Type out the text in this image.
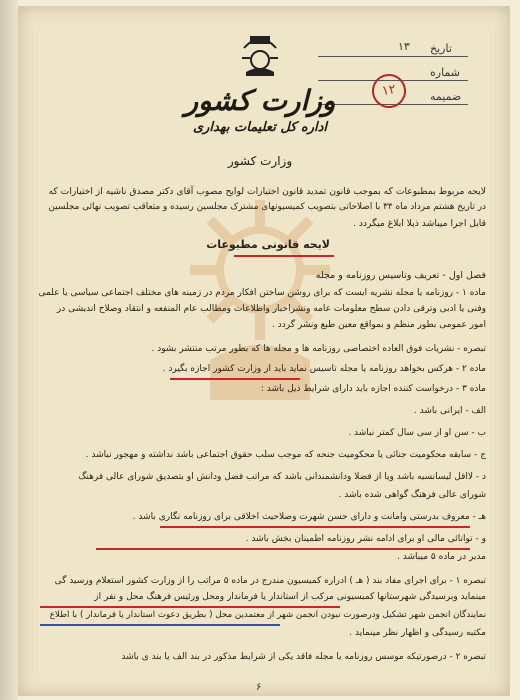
تاریخ
۱۳
شماره
ضمیمه
۱۲
وزارت کشور
اداره کل تعلیمات بهداری
وزارت کشور
لایحه مربوط بمطبوعات که بموجب قانون تمدید قانون اختیارات لوایح مصوب آقای دکتر مصدق ناشیه از اختیارات که
در تاریخ هشتم مرداد ماه ۳۴ با اصلاحاتی بتصویب کمیسیونهای مشترک مجلسین رسیده و متعاقب تصویب نهائی مجلسین
قابل اجرا میباشد ذیلا ابلاغ میگردد .
لایحه قانونی مطبوعات
فصل اول - تعریف وتاسیس روزنامه و مجله
ماده ۱ - روزنامه یا مجله نشریه ایست که برای روشن ساختن افکار مردم در زمینه های مختلف اجتماعی سیاسی یا علمی
وفنی یا ادبی وترقی دادن سطح معلومات عامه ونشراخبار واطلاعات ومطالب عام المنفعه و انتقاد وصلاح اندیشی در
امور عمومی بطور منظم و بمواقع معین طبع ونشر گردد .
تبصره - نشریات فوق العاده اختصاصی روزنامه ها و مجله ها که بطور مرتب منتشر بشود .
ماده ۲ - هرکس بخواهد روزنامه یا مجله تاسیس نماید باید از وزارت کشور اجازه بگیرد .
ماده ۳ - درخواست کننده اجازه باید دارای شرایط ذیل باشد :
الف - ایرانی باشد .
ب - سن او از سی سال کمتر نباشد .
ج - سابقه محکومیت جنائی یا محکومیت جنحه که موجب سلب حقوق اجتماعی باشد نداشته و مهجور نباشد .
د - لااقل لیسانسیه باشد ویا از فضلا ودانشمندانی باشد که مراتب فضل ودانش او بتصدیق شورای عالی فرهنگ
شورای عالی فرهنگ گواهی شده باشد .
هـ - معروف بدرستی وامانت و دارای حسن شهرت وصلاحیت اخلاقی برای روزنامه نگاری باشد .
و - توانائی مالی او برای ادامه نشر روزنامه اطمینان بخش باشد .
مدیر در ماده ۵ میباشد .
تبصره ۱ - برای اجرای مفاد بند ( هـ ) ادراره کمیسیون مندرج در ماده ۵ مراتب را از وزارت کشور استعلام ورسید گی
مینماید وبرسیدگی شهرستانها کمیسیونی مرکب از استاندار یا فرماندار ومحل ورئیس فرهنگ محل و نفر از
نمایندگان انجمن شهر تشکیل ودرصورت نبودن انجمن شهر از معتمدین محل ( بطریق دعوت استاندار یا فرماندار ) با اطلاع
مکتبه رسیدگی و اظهار نظر مینماید .
تبصره ۲ - درصورتیکه موسس روزنامه یا مجله فاقد یکی از شرایط مذکور در بند الف یا بند ی باشد
۶
